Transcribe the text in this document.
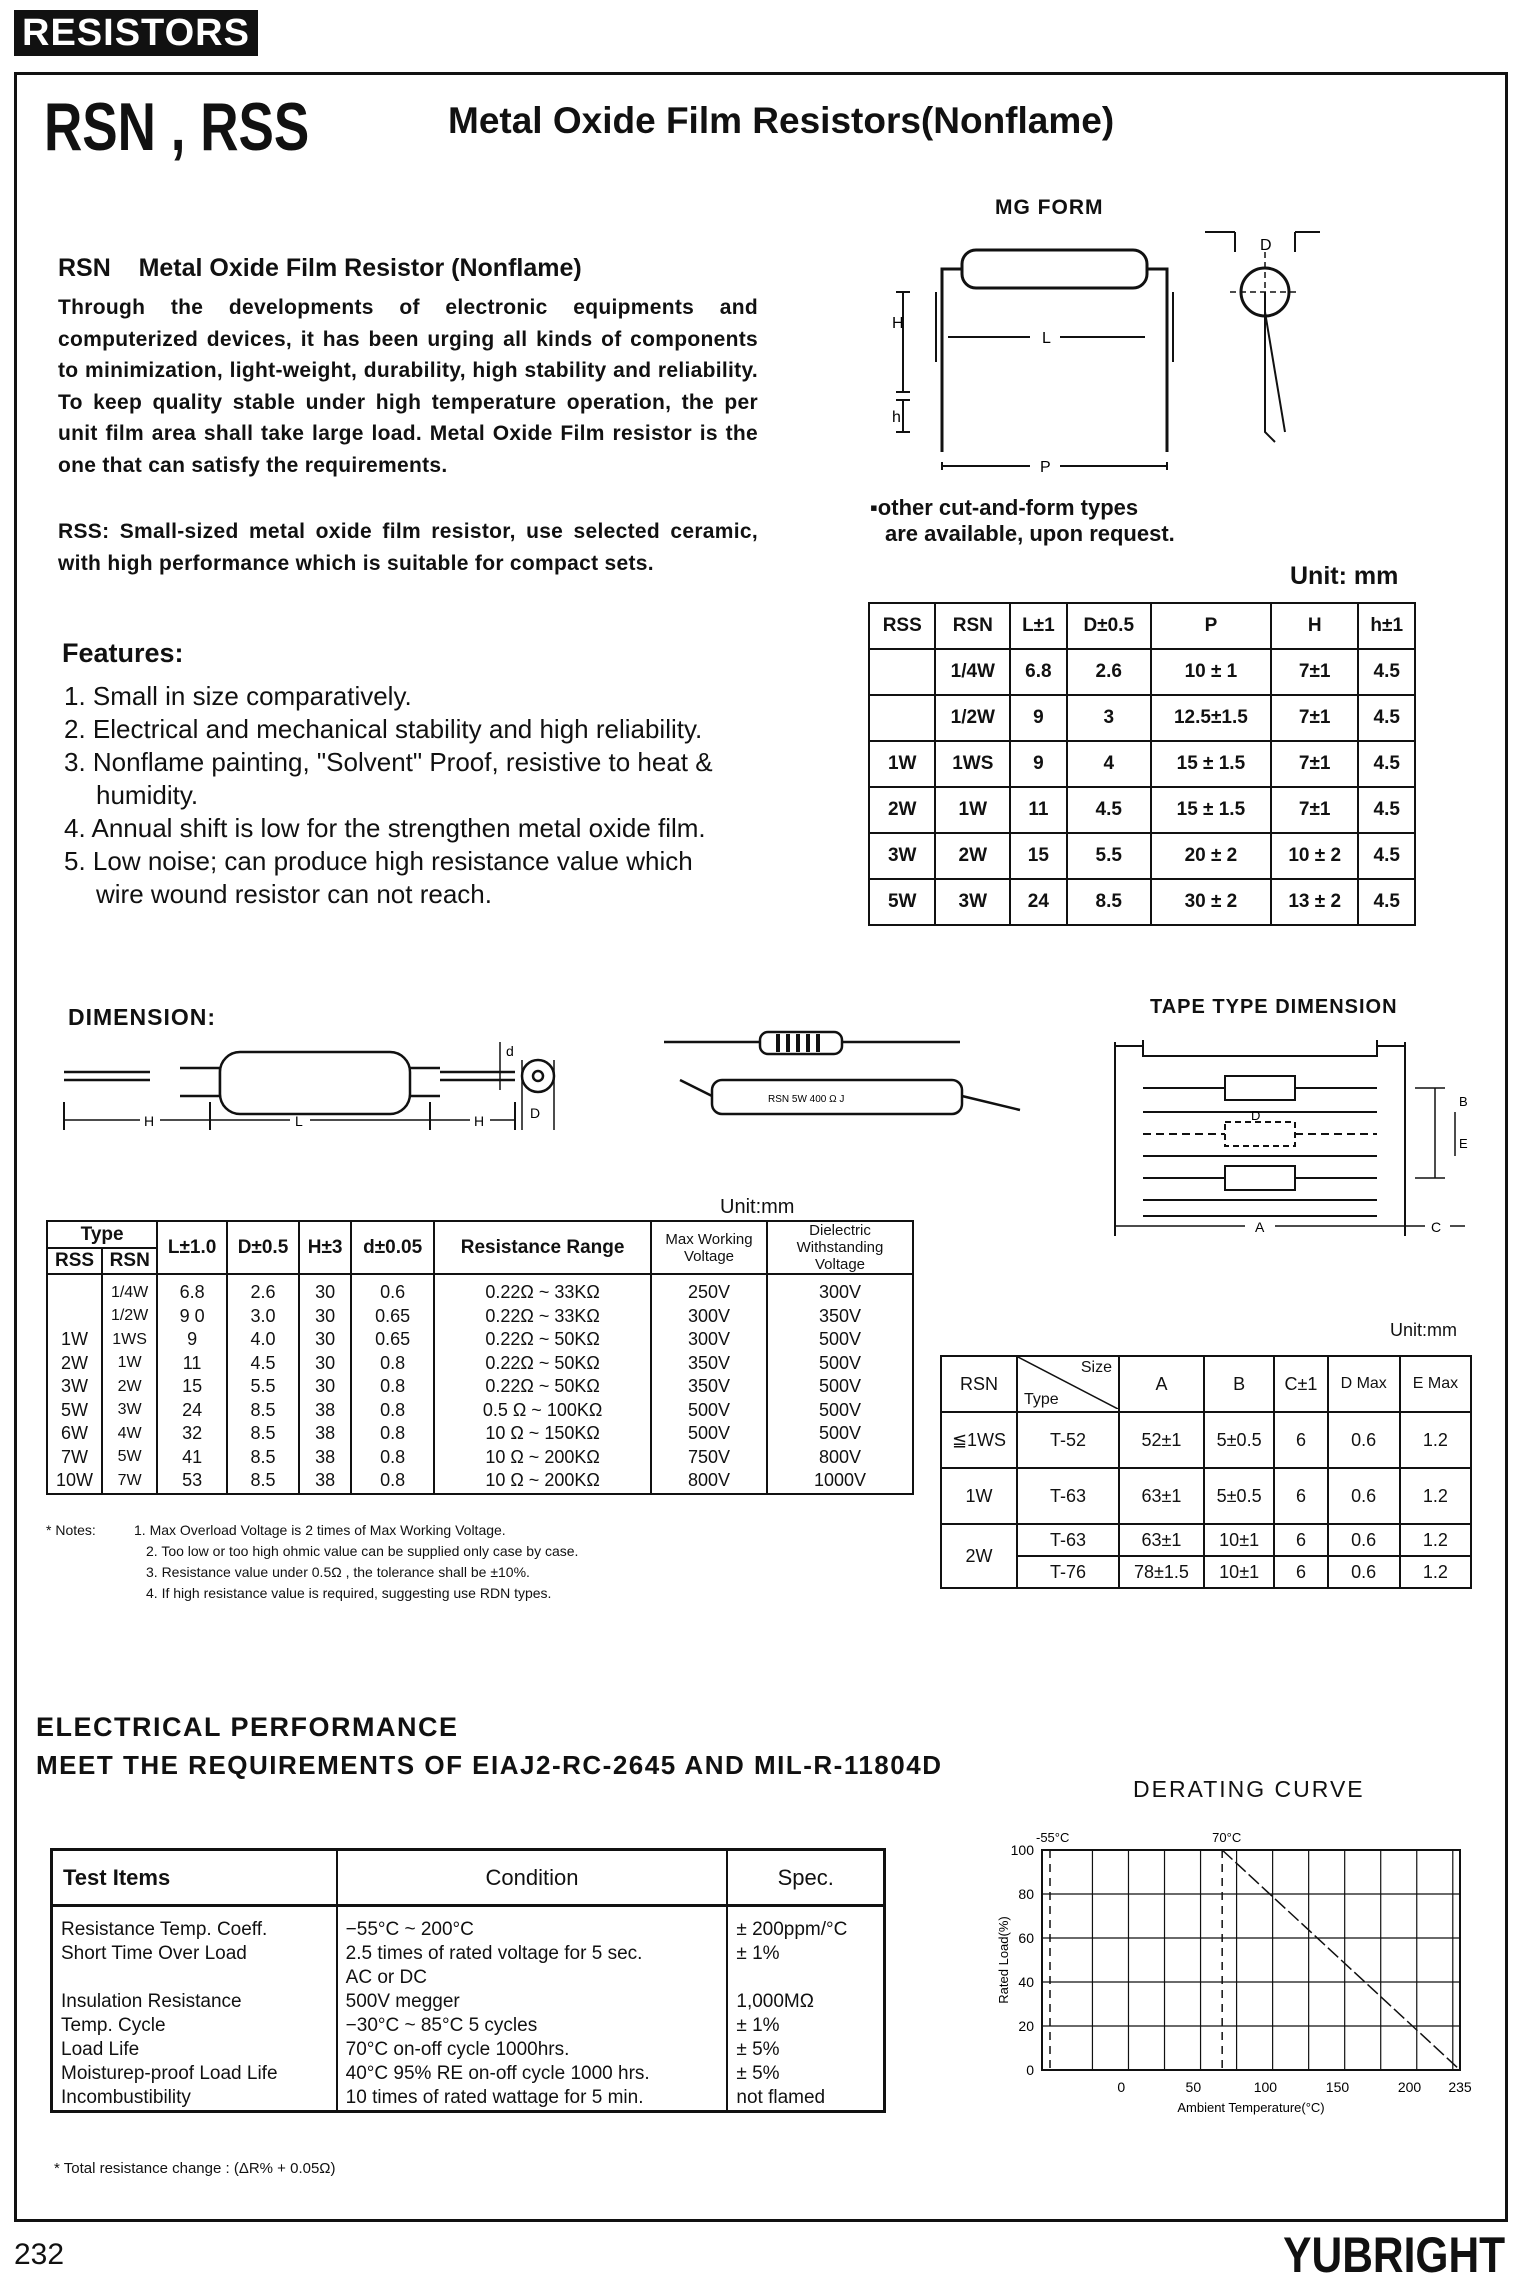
RESISTORS
RSN , RSS	Metal Oxide Film Resistors(Nonflame)
RSN    Metal Oxide Film Resistor (Nonflame)
Through the developments of electronic equipments and computerized devices, it has been urging all kinds of components to minimization, light-weight, durability, high stability and reliability. To keep quality stable under high temperature operation, the per unit film area shall take large load. Metal Oxide Film resistor is the one that can satisfy the requirements.
RSS: Small-sized metal oxide film resistor, use selected ceramic, with high performance which is suitable for compact sets.
Features:
1. Small in size comparatively.
2. Electrical and mechanical stability and high reliability.
3. Nonflame painting, "Solvent" Proof, resistive to heat & humidity.
4. Annual shift is low for the strengthen metal oxide film.
5. Low noise; can produce high resistance value which wire wound resistor can not reach.
MG FORM
H
h
L
P
D
▪other cut-and-form types
are available, upon request.
Unit: mm
RSS	RSN	L±1	D±0.5	P	H	h±1
	1/4W	6.8	2.6	10 ± 1	7±1	4.5
	1/2W	9	3	12.5±1.5	7±1	4.5
1W	1WS	9	4	15 ± 1.5	7±1	4.5
2W	1W	11	4.5	15 ± 1.5	7±1	4.5
3W	2W	15	5.5	20 ± 2	10 ± 2	4.5
5W	3W	24	8.5	30 ± 2	13 ± 2	4.5
DIMENSION:
H	L	H
d
D
RSN 5W 400 Ω J
Unit:mm
Type
RSS RSN		L±1.0	D±0.5	H±3	d±0.05	Resistance Range	Max Working Voltage	Dielectric Withstanding Voltage
	1/4W	6.8	2.6	30	0.6	0.22Ω ~ 33KΩ	250V	300V
	1/2W	9 0	3.0	30	0.65	0.22Ω ~ 33KΩ	300V	350V
1W	1WS	9	4.0	30	0.65	0.22Ω ~ 50KΩ	300V	500V
2W	1W	11	4.5	30	0.8	0.22Ω ~ 50KΩ	350V	500V
3W	2W	15	5.5	30	0.8	0.22Ω ~ 50KΩ	350V	500V
5W	3W	24	8.5	38	0.8	0.5 Ω ~ 100KΩ	500V	500V
6W	4W	32	8.5	38	0.8	10 Ω ~ 150KΩ	500V	500V
7W	5W	41	8.5	38	0.8	10 Ω ~ 200KΩ	750V	800V
10W	7W	53	8.5	38	0.8	10 Ω ~ 200KΩ	800V	1000V
* Notes:	1. Max Overload Voltage is 2 times of Max Working Voltage.
2. Too low or too high ohmic value can be supplied only case by case.
3. Resistance value under 0.5Ω , the tolerance shall be ±10%.
4. If high resistance value is required, suggesting use RDN types.
TAPE TYPE DIMENSION
D
A	C
B
E
Unit:mm
RSN	Size
Type	A	B	C±1	D Max	E Max
≦1WS	T-52	52±1	5±0.5	6	0.6	1.2
1W	T-63	63±1	5±0.5	6	0.6	1.2
2W	T-63	63±1	10±1	6	0.6	1.2
	T-76	78±1.5	10±1	6	0.6	1.2
ELECTRICAL PERFORMANCE
MEET THE REQUIREMENTS OF EIAJ2-RC-2645 AND MIL-R-11804D
Test Items	Condition	Spec.
Resistance Temp. Coeff.	−55°C ~ 200°C	± 200ppm/°C
Short Time Over Load	2.5 times of rated voltage for 5 sec.	± 1%
	AC or DC	
Insulation Resistance	500V megger	1,000MΩ
Temp. Cycle	−30°C ~ 85°C 5 cycles	± 1%
Load Life	70°C on-off cycle 1000hrs.	± 5%
Moisturep-proof Load Life	40°C 95% RE on-off cycle 1000 hrs.	± 5%
Incombustibility	10 times of rated wattage for 5 min.	not flamed
* Total resistance change : (ΔR% + 0.05Ω)
DERATING CURVE
-55°C	70°C
0
20
40
60
80
100
0	50	100	150	200 235
Ambient Temperature(°C)
Rated Load(%)
232	YUBRIGHT
